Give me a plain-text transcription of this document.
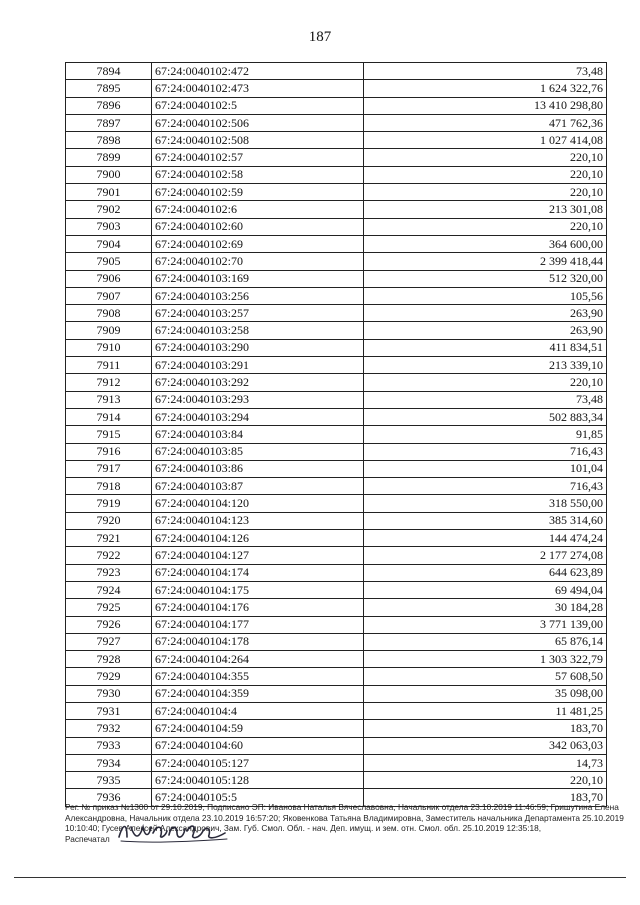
187
7894	67:24:0040102:472	73,48
7895	67:24:0040102:473	1 624 322,76
7896	67:24:0040102:5	13 410 298,80
7897	67:24:0040102:506	471 762,36
7898	67:24:0040102:508	1 027 414,08
7899	67:24:0040102:57	220,10
7900	67:24:0040102:58	220,10
7901	67:24:0040102:59	220,10
7902	67:24:0040102:6	213 301,08
7903	67:24:0040102:60	220,10
7904	67:24:0040102:69	364 600,00
7905	67:24:0040102:70	2 399 418,44
7906	67:24:0040103:169	512 320,00
7907	67:24:0040103:256	105,56
7908	67:24:0040103:257	263,90
7909	67:24:0040103:258	263,90
7910	67:24:0040103:290	411 834,51
7911	67:24:0040103:291	213 339,10
7912	67:24:0040103:292	220,10
7913	67:24:0040103:293	73,48
7914	67:24:0040103:294	502 883,34
7915	67:24:0040103:84	91,85
7916	67:24:0040103:85	716,43
7917	67:24:0040103:86	101,04
7918	67:24:0040103:87	716,43
7919	67:24:0040104:120	318 550,00
7920	67:24:0040104:123	385 314,60
7921	67:24:0040104:126	144 474,24
7922	67:24:0040104:127	2 177 274,08
7923	67:24:0040104:174	644 623,89
7924	67:24:0040104:175	69 494,04
7925	67:24:0040104:176	30 184,28
7926	67:24:0040104:177	3 771 139,00
7927	67:24:0040104:178	65 876,14
7928	67:24:0040104:264	1 303 322,79
7929	67:24:0040104:355	57 608,50
7930	67:24:0040104:359	35 098,00
7931	67:24:0040104:4	11 481,25
7932	67:24:0040104:59	183,70
7933	67:24:0040104:60	342 063,03
7934	67:24:0040105:127	14,73
7935	67:24:0040105:128	220,10
7936	67:24:0040105:5	183,70

Рег. № приказ №1300 от 29.10.2019, Подписано ЭП: Иванова Наталья Вячеславовна, Начальник отдела 23.10.2019 11:46:59; Гришутина Елена

Александровна, Начальник отдела 23.10.2019 16:57:20; Яковенкова Татьяна Владимировна, Заместитель начальника Департамента 25.10.2019

10:10:40; Гусев Алексей Александрович, Зам. Губ. Смол. Обл. - нач. Деп. имущ. и зем. отн. Смол. обл. 25.10.2019 12:35:18,

Распечатал
